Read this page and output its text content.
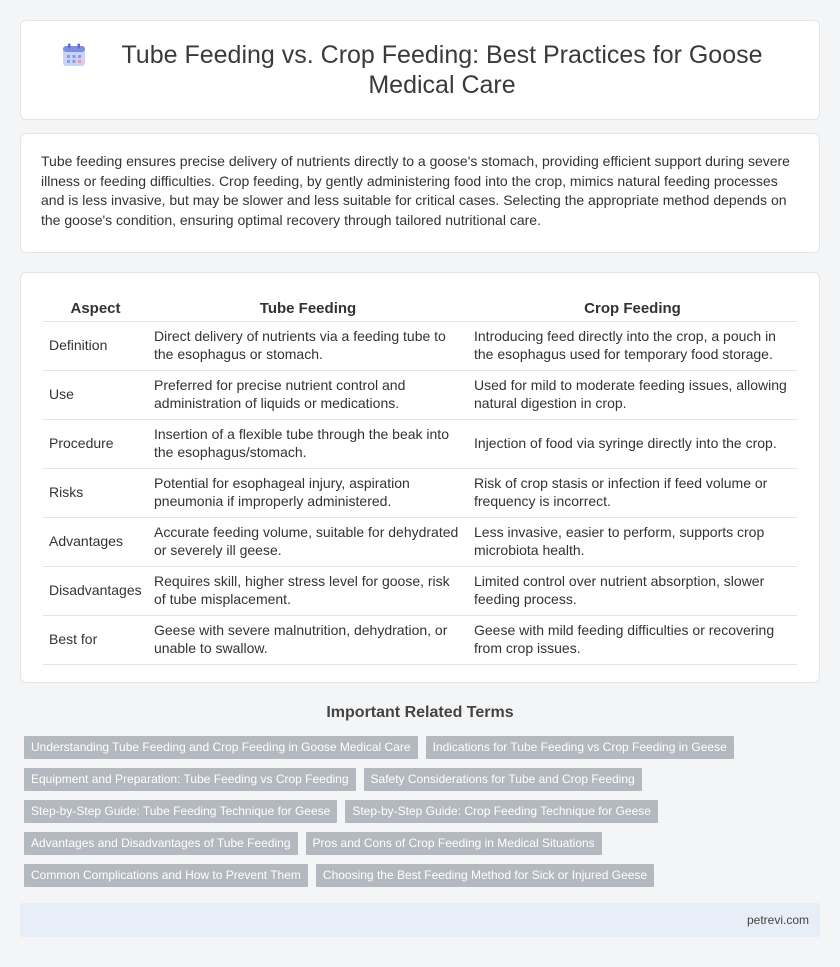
Tube Feeding vs. Crop Feeding: Best Practices for Goose Medical Care

Tube feeding ensures precise delivery of nutrients directly to a goose's stomach, providing efficient support during severe illness or feeding difficulties. Crop feeding, by gently administering food into the crop, mimics natural feeding processes and is less invasive, but may be slower and less suitable for critical cases. Selecting the appropriate method depends on the goose's condition, ensuring optimal recovery through tailored nutritional care.

Aspect	Tube Feeding	Crop Feeding
Definition	Direct delivery of nutrients via a feeding tube to the esophagus or stomach.	Introducing feed directly into the crop, a pouch in the esophagus used for temporary food storage.
Use	Preferred for precise nutrient control and administration of liquids or medications.	Used for mild to moderate feeding issues, allowing natural digestion in crop.
Procedure	Insertion of a flexible tube through the beak into the esophagus/stomach.	Injection of food via syringe directly into the crop.
Risks	Potential for esophageal injury, aspiration pneumonia if improperly administered.	Risk of crop stasis or infection if feed volume or frequency is incorrect.
Advantages	Accurate feeding volume, suitable for dehydrated or severely ill geese.	Less invasive, easier to perform, supports crop microbiota health.
Disadvantages	Requires skill, higher stress level for goose, risk of tube misplacement.	Limited control over nutrient absorption, slower feeding process.
Best for	Geese with severe malnutrition, dehydration, or unable to swallow.	Geese with mild feeding difficulties or recovering from crop issues.
Important Related Terms
Understanding Tube Feeding and Crop Feeding in Goose Medical Care	Indications for Tube Feeding vs Crop Feeding in Geese
Equipment and Preparation: Tube Feeding vs Crop Feeding	Safety Considerations for Tube and Crop Feeding
Step-by-Step Guide: Tube Feeding Technique for Geese	Step-by-Step Guide: Crop Feeding Technique for Geese
Advantages and Disadvantages of Tube Feeding	Pros and Cons of Crop Feeding in Medical Situations
Common Complications and How to Prevent Them	Choosing the Best Feeding Method for Sick or Injured Geese
petrevi.com
